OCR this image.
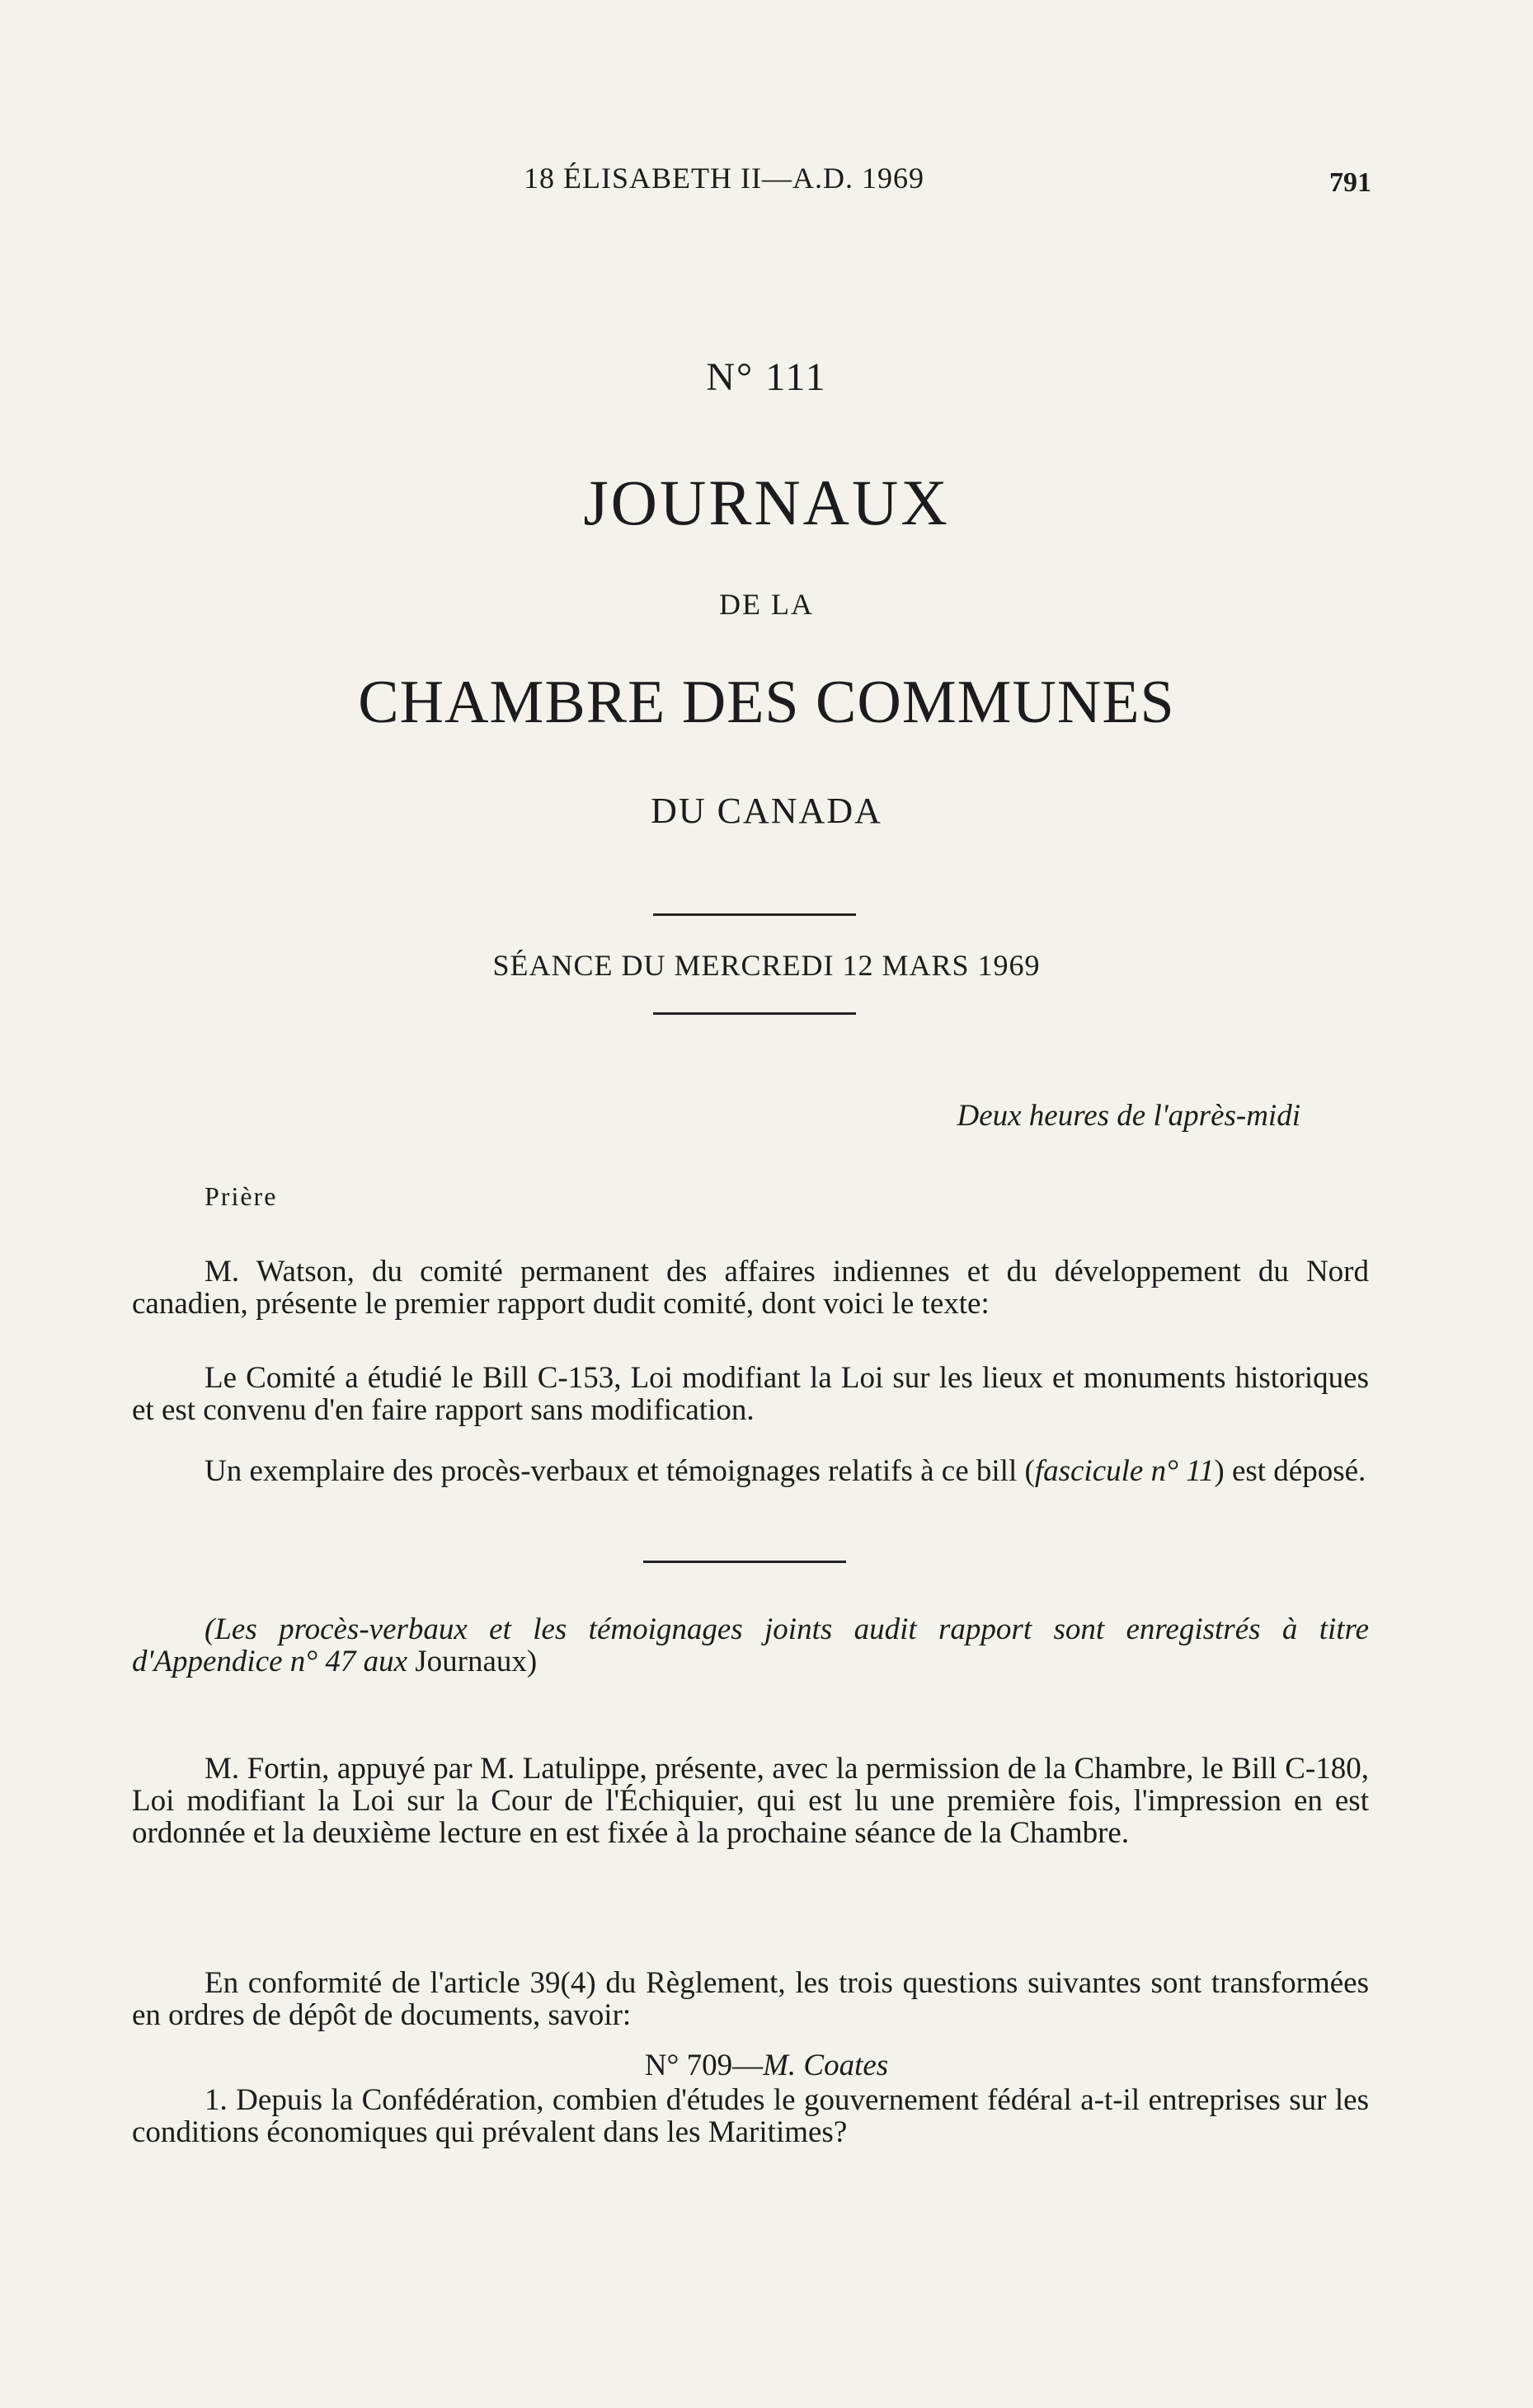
18 ÉLISABETH II—A.D. 1969	791
N° 111
JOURNAUX
DE LA
CHAMBRE DES COMMUNES
DU CANADA
SÉANCE DU MERCREDI 12 MARS 1969
Deux heures de l'après-midi
Prière
M. Watson, du comité permanent des affaires indiennes et du développement du Nord canadien, présente le premier rapport dudit comité, dont voici le texte:
Le Comité a étudié le Bill C-153, Loi modifiant la Loi sur les lieux et monuments historiques et est convenu d'en faire rapport sans modification.
Un exemplaire des procès-verbaux et témoignages relatifs à ce bill (fascicule n° 11) est déposé.
(Les procès-verbaux et les témoignages joints audit rapport sont enregistrés à titre d'Appendice n° 47 aux Journaux)
M. Fortin, appuyé par M. Latulippe, présente, avec la permission de la Chambre, le Bill C-180, Loi modifiant la Loi sur la Cour de l'Échiquier, qui est lu une première fois, l'impression en est ordonnée et la deuxième lecture en est fixée à la prochaine séance de la Chambre.
En conformité de l'article 39(4) du Règlement, les trois questions suivantes sont transformées en ordres de dépôt de documents, savoir:
N° 709—M. Coates
1. Depuis la Confédération, combien d'études le gouvernement fédéral a-t-il entreprises sur les conditions économiques qui prévalent dans les Maritimes?
